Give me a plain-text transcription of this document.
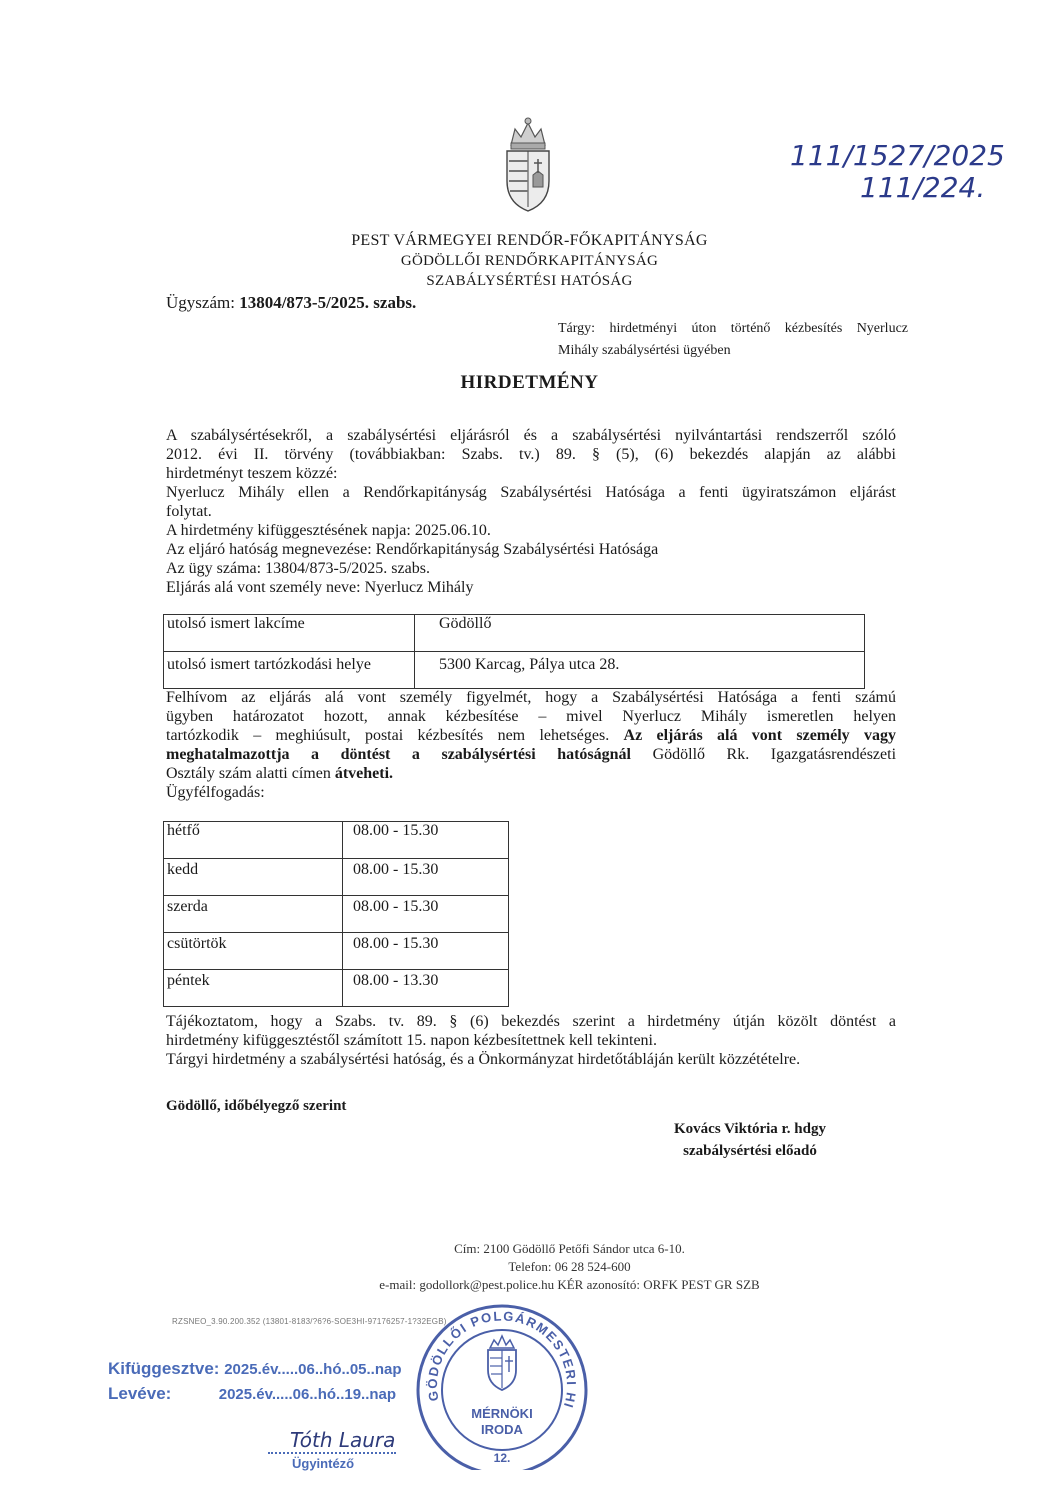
111/1527/2025
111/224.
PEST VÁRMEGYEI RENDŐR-FŐKAPITÁNYSÁG
GÖDÖLLŐI RENDŐRKAPITÁNYSÁG
SZABÁLYSÉRTÉSI HATÓSÁG
Ügyszám: 13804/873-5/2025. szabs.
Tárgy: hirdetményi úton történő kézbesítés Nyerlucz
Mihály szabálysértési ügyében
HIRDETMÉNY
A szabálysértésekről, a szabálysértési eljárásról és a szabálysértési nyilvántartási rendszerről szóló
2012. évi II. törvény (továbbiakban: Szabs. tv.) 89. § (5), (6) bekezdés alapján az alábbi
hirdetményt teszem közzé:
Nyerlucz Mihály ellen a Rendőrkapitányság Szabálysértési Hatósága a fenti ügyiratszámon eljárást
folytat.
A hirdetmény kifüggesztésének napja: 2025.06.10.
Az eljáró hatóság megnevezése: Rendőrkapitányság Szabálysértési Hatósága
Az ügy száma: 13804/873-5/2025. szabs.
Eljárás alá vont személy neve: Nyerlucz Mihály
utolsó ismert lakcíme	Gödöllő
utolsó ismert tartózkodási helye	5300 Karcag, Pálya utca 28.
Felhívom az eljárás alá vont személy figyelmét, hogy a Szabálysértési Hatósága a fenti számú
ügyben határozatot hozott, annak kézbesítése – mivel Nyerlucz Mihály ismeretlen helyen
tartózkodik – meghiúsult, postai kézbesítés nem lehetséges. Az eljárás alá vont személy vagy
meghatalmazottja a döntést a szabálysértési hatóságnál Gödöllő Rk. Igazgatásrendészeti
Osztály szám alatti címen átveheti.
Ügyfélfogadás:
hétfő	08.00 - 15.30
kedd	08.00 - 15.30
szerda	08.00 - 15.30
csütörtök	08.00 - 15.30
péntek	08.00 - 13.30
Tájékoztatom, hogy a Szabs. tv. 89. § (6) bekezdés szerint a hirdetmény útján közölt döntést a
hirdetmény kifüggesztéstől számított 15. napon kézbesítettnek kell tekinteni.
Tárgyi hirdetmény a szabálysértési hatóság, és a Önkormányzat hirdetőtábláján került közzétételre.
Gödöllő, időbélyegző szerint
Kovács Viktória r. hdgy
szabálysértési előadó
Cím: 2100 Gödöllő Petőfi Sándor utca 6-10.
Telefon: 06 28 524-600
e-mail: godollork@pest.police.hu KÉR azonosító: ORFK PEST GR SZB
RZSNEO_3.90.200.352 (13801-8183/?6?6-SOE3HI-97176257-1?32EGB)
Kifüggesztve: 2025.év.....06..hó..05..nap
Levéve:	2025.év.....06..hó..19..nap
Tóth Laura
Ügyintéző
GÖDÖLLŐI POLGÁRMESTERI HI
MÉRNÖKI
IRODA
12.
